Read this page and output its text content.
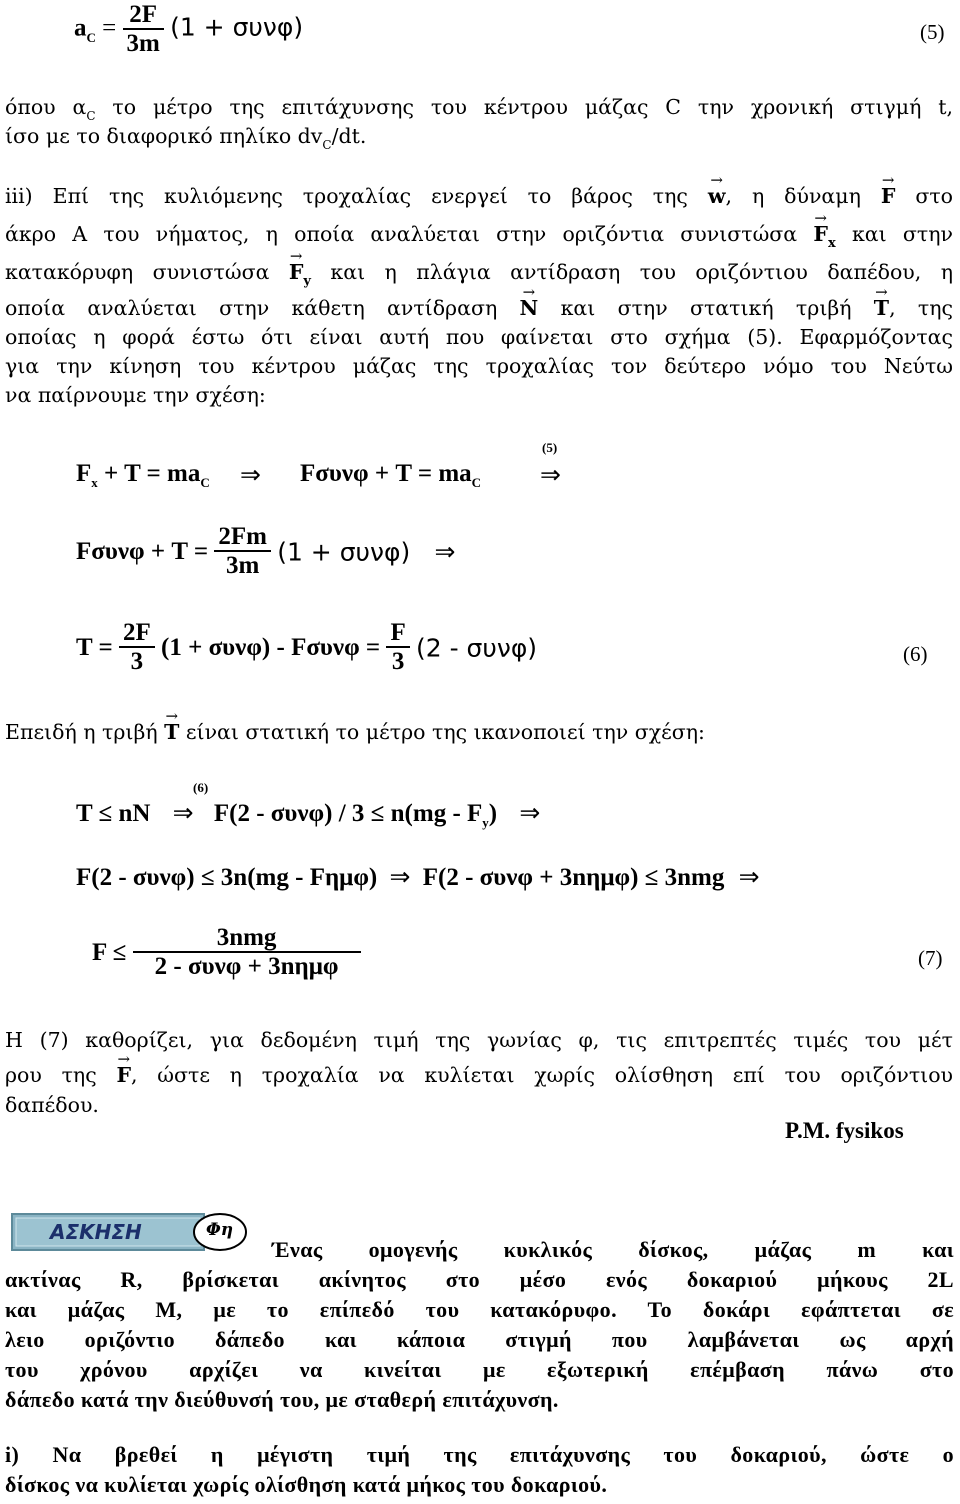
$a_C = \frac{2F}{3m} (1 + \sigma\upsilon\nu\varphi)$	(5)
όπου $\alpha_C$ το μέτρο της επιτάχυνσης του κέντρου μάζας C την χρονική στιγμή t,
ίσο με το διαφορικό πηλίκο $dv_C/dt$.
iii) Επί της κυλιόμενης τροχαλίας ενεργεί το βάρος της → w, η δύναμη → F στο
άκρο Α του νήματος, η οποία αναλύεται στην οριζόντια $\sigma\upsilon\nu\iota\sigma\tau ώ\sigma\alpha \to F_x$ και στην
κατακόρυφη $\sigma\upsilon\nu\iota\sigma\tau ώ\sigma\alpha \to F_y$ και η πλάγια αντίδραση του οριζόντιου δαπέδου, η
οποία αναλύεται στην κάθετη αντίδραση → N και στην στατική τριβή → T, της
οποίας η φορά έστω ότι είναι αυτή που φαίνεται στο σχήμα (5). Εφαρμόζοντας
για την κίνηση του κέντρου μάζας της τροχαλίας τον δεύτερο νόμο του Νεύτω
να παίρνουμε την σχέση:
$F_x + T = ma_C$ ⇒ $F\sigma\upsilon\nu\varphi + T = ma_C$
(5)
⇒
$F\sigma\upsilon\nu\varphi + T = \frac{2Fm}{3m} (1 + \sigma\upsilon\nu\varphi)$ ⇒
$T = \frac{2F}{3} (1 + \sigma\upsilon\nu\varphi) - F\sigma\upsilon\nu\varphi = \frac{F}{3} (2 - \sigma\upsilon\nu\varphi)$	(6)
Επειδή η τριβή → T είναι στατική το μέτρο της ικανοποιεί την σχέση:
(6)
T ≤ nN ⇒ $F(2 - \sigma\upsilon\nu\varphi) / 3 \le n(mg - F_y)$ ⇒
F(2 - συνφ) ≤ 3n(mg - Fημφ) ⇒ F(2 - συνφ + 3nημφ) ≤ 3nmg ⇒
$F \le \frac{\text{3nmg}}{\text{2 - συνφ + 3nημφ}}$	(7)
Η (7) καθορίζει, για δεδομένη τιμή της γωνίας φ, τις επιτρεπτές τιμές του μέτ
ρου της → F, ώστε η τροχαλία να κυλίεται χωρίς ολίσθηση επί του οριζόντιου
δαπέδου.
P.M. fysikos
ΑΣΚΗΣΗ	Φη
Ένας ομογενής κυκλικός δίσκος, μάζας m και
ακτίνας R, βρίσκεται ακίνητος στο μέσο ενός δοκαριού μήκους 2L
και μάζας Μ, με το επίπεδό του κατακόρυφο. Το δοκάρι εφάπτεται σε
λειο οριζόντιο δάπεδο και κάποια στιγμή που λαμβάνεται ως αρχή
του χρόνου αρχίζει να κινείται με εξωτερική επέμβαση πάνω στο
δάπεδο κατά την διεύθυνσή του, με σταθερή επιτάχυνση.
i) Να βρεθεί η μέγιστη τιμή της επιτάχυνσης του δοκαριού, ώστε ο
δίσκος να κυλίεται χωρίς ολίσθηση κατά μήκος του δοκαριού.
